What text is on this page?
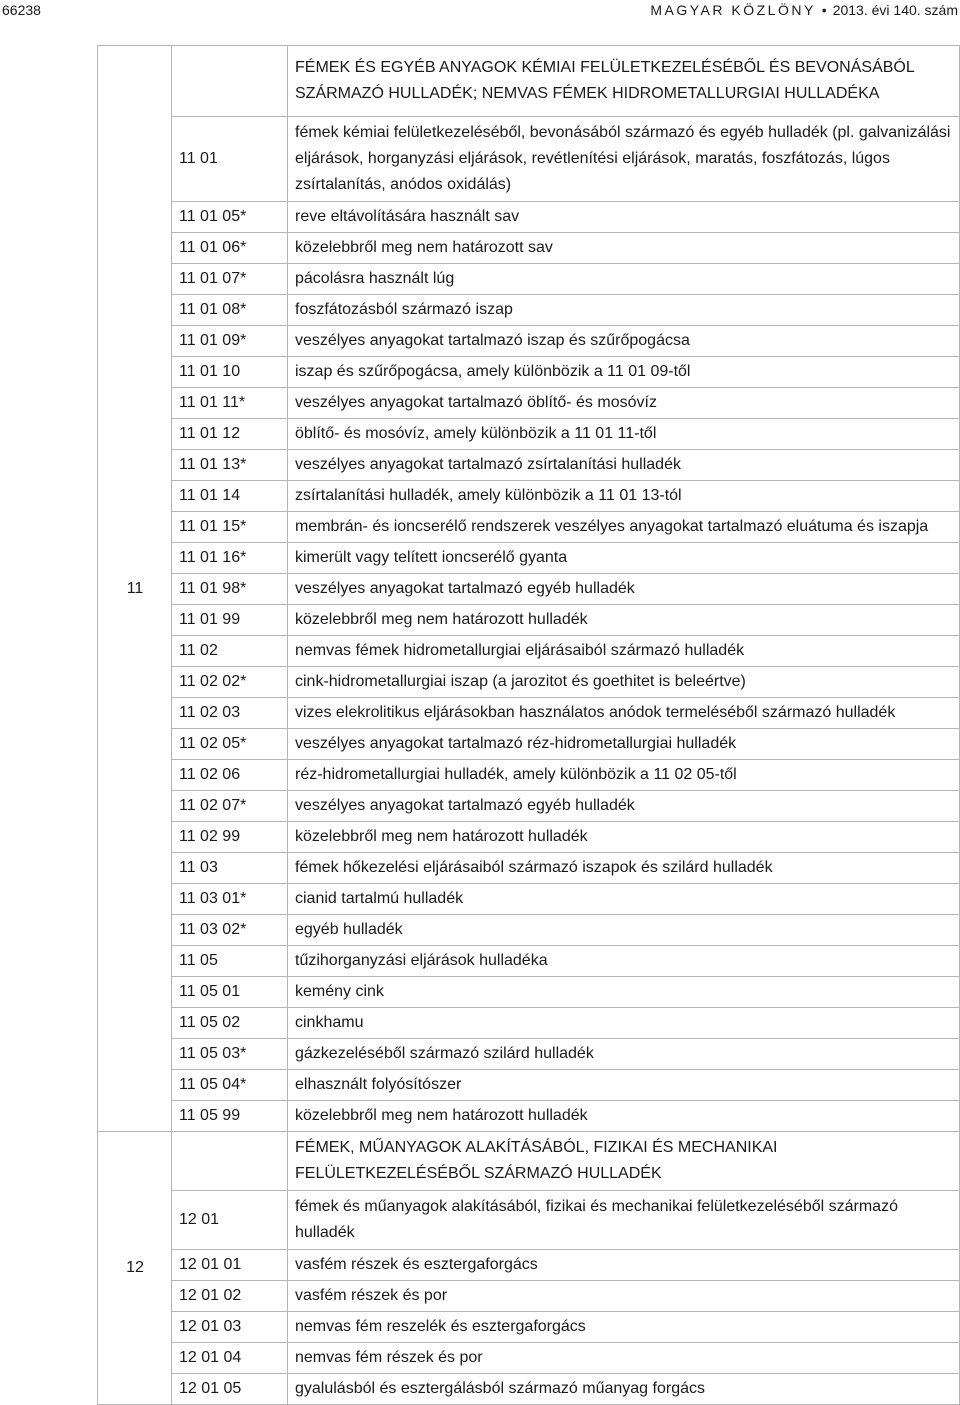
66238	MAGYAR KÖZLÖNY • 2013. évi 140. szám
11		FÉMEK ÉS EGYÉB ANYAGOK KÉMIAI FELÜLETKEZELÉSÉBŐL ÉS BEVONÁSÁBÓL SZÁRMAZÓ HULLADÉK; NEMVAS FÉMEK HIDROMETALLURGIAI HULLADÉKA
	11 01	fémek kémiai felületkezeléséből, bevonásából származó és egyéb hulladék (pl. galvanizálási eljárások, horganyzási eljárások, revétlenítési eljárások, maratás, foszfátozás, lúgos zsírtalanítás, anódos oxidálás)
	11 01 05*	reve eltávolítására használt sav
	11 01 06*	közelebbről meg nem határozott sav
	11 01 07*	pácolásra használt lúg
	11 01 08*	foszfátozásból származó iszap
	11 01 09*	veszélyes anyagokat tartalmazó iszap és szűrőpogácsa
	11 01 10	iszap és szűrőpogácsa, amely különbözik a 11 01 09-től
	11 01 11*	veszélyes anyagokat tartalmazó öblítő- és mosóvíz
	11 01 12	öblítő- és mosóvíz, amely különbözik a 11 01 11-től
	11 01 13*	veszélyes anyagokat tartalmazó zsírtalanítási hulladék
	11 01 14	zsírtalanítási hulladék, amely különbözik a 11 01 13-tól
	11 01 15*	membrán- és ioncserélő rendszerek veszélyes anyagokat tartalmazó eluátuma és iszapja
	11 01 16*	kimerült vagy telített ioncserélő gyanta
	11 01 98*	veszélyes anyagokat tartalmazó egyéb hulladék
	11 01 99	közelebbről meg nem határozott hulladék
	11 02	nemvas fémek hidrometallurgiai eljárásaiból származó hulladék
	11 02 02*	cink-hidrometallurgiai iszap (a jarozitot és goethitet is beleértve)
	11 02 03	vizes elekrolitikus eljárásokban használatos anódok termeléséből származó hulladék
	11 02 05*	veszélyes anyagokat tartalmazó réz-hidrometallurgiai hulladék
	11 02 06	réz-hidrometallurgiai hulladék, amely különbözik a 11 02 05-től
	11 02 07*	veszélyes anyagokat tartalmazó egyéb hulladék
	11 02 99	közelebbről meg nem határozott hulladék
	11 03	fémek hőkezelési eljárásaiból származó iszapok és szilárd hulladék
	11 03 01*	cianid tartalmú hulladék
	11 03 02*	egyéb hulladék
	11 05	tűzihorganyzási eljárások hulladéka
	11 05 01	kemény cink
	11 05 02	cinkhamu
	11 05 03*	gázkezeléséből származó szilárd hulladék
	11 05 04*	elhasznált folyósítószer
	11 05 99	közelebbről meg nem határozott hulladék
12		FÉMEK, MŰANYAGOK ALAKÍTÁSÁBÓL, FIZIKAI ÉS MECHANIKAI FELÜLETKEZELÉSÉBŐL SZÁRMAZÓ HULLADÉK
	12 01	fémek és műanyagok alakításából, fizikai és mechanikai felületkezeléséből származó hulladék
	12 01 01	vasfém részek és esztergaforgács
	12 01 02	vasfém részek és por
	12 01 03	nemvas fém reszelék és esztergaforgács
	12 01 04	nemvas fém részek és por
	12 01 05	gyalulásból és esztergálásból származó műanyag forgács
